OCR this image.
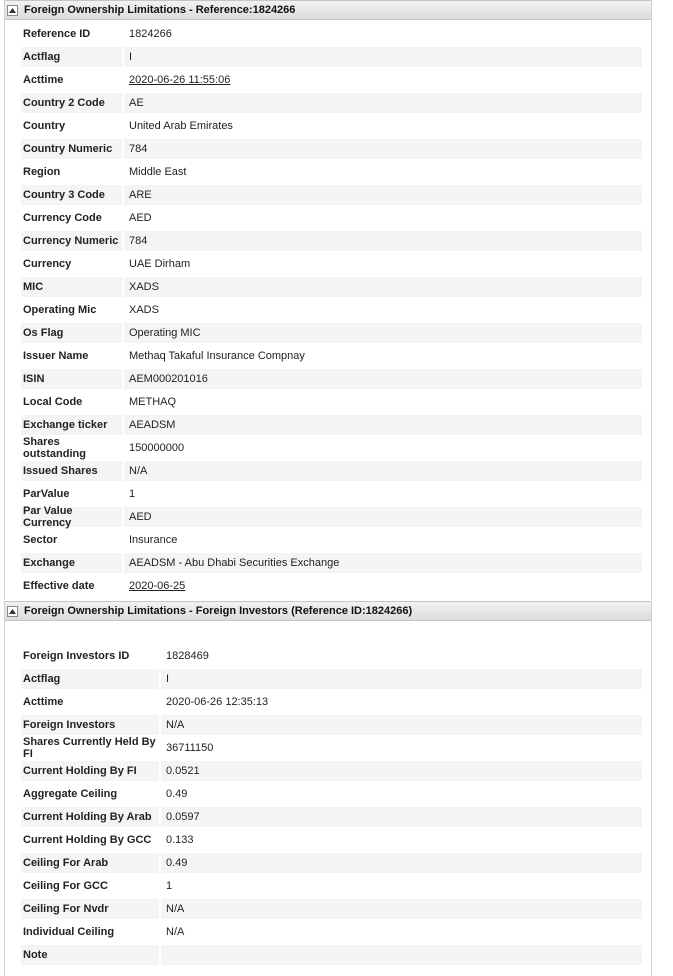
Foreign Ownership Limitations - Reference:1824266
Reference ID	1824266
Actflag	I
Acttime	2020-06-26 11:55:06
Country 2 Code	AE
Country	United Arab Emirates
Country Numeric	784
Region	Middle East
Country 3 Code	ARE
Currency Code	AED
Currency Numeric 784
Currency	UAE Dirham
MIC	XADS
Operating Mic	XADS
Os Flag	Operating MIC
Issuer Name	Methaq Takaful Insurance Compnay
ISIN	AEM000201016
Local Code	METHAQ
Exchange ticker	AEADSM
Shares outstanding	150000000
Issued Shares	N/A
ParValue	1
Par Value Currency	AED
Sector	Insurance
Exchange	AEADSM - Abu Dhabi Securities Exchange
Effective date	2020-06-25
Foreign Ownership Limitations - Foreign Investors (Reference ID:1824266)
Foreign Investors ID	1828469
Actflag	I
Acttime	2020-06-26 12:35:13
Foreign Investors	N/A
Shares Currently Held By FI	36711150
Current Holding By FI	0.0521
Aggregate Ceiling	0.49
Current Holding By Arab	0.0597
Current Holding By GCC	0.133
Ceiling For Arab	0.49
Ceiling For GCC	1
Ceiling For Nvdr	N/A
Individual Ceiling	N/A
Note
